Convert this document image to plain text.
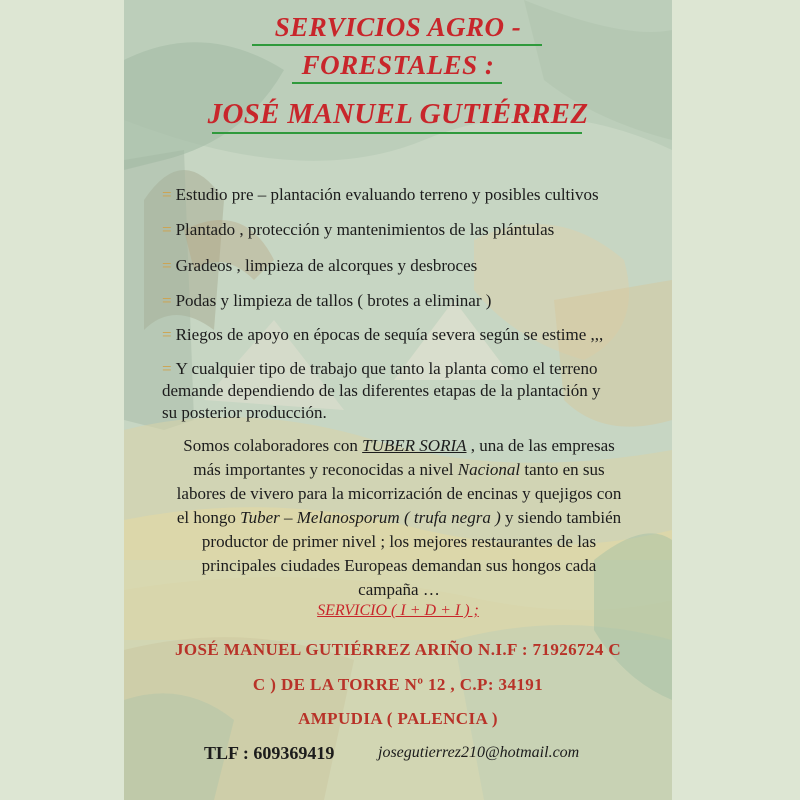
SERVICIOS AGRO -
FORESTALES :
JOSÉ MANUEL GUTIÉRREZ
= Estudio pre – plantación evaluando terreno y posibles cultivos
= Plantado , protección y mantenimientos de las plántulas
= Gradeos , limpieza de alcorques y desbroces
= Podas y limpieza de tallos ( brotes a eliminar )
= Riegos de apoyo en épocas de sequía severa según se estime ,,,
= Y cualquier tipo de trabajo que tanto la planta como el terreno
demande dependiendo de las diferentes etapas de la plantación y
su posterior producción.
Somos colaboradores con TUBER SORIA , una de las empresas más importantes y reconocidas a nivel Nacional tanto en sus labores de vivero para la micorrización de encinas y quejigos con el hongo Tuber – Melanosporum ( trufa negra ) y siendo también productor de primer nivel ; los mejores restaurantes de las principales ciudades Europeas demandan sus hongos cada campaña …
SERVICIO ( I + D + I ) ;
JOSÉ MANUEL GUTIÉRREZ ARIÑO N.I.F : 71926724 C
C ) DE LA TORRE Nº 12 , C.P: 34191
AMPUDIA ( PALENCIA )
TLF : 609369419	josegutierrez210@hotmail.com
